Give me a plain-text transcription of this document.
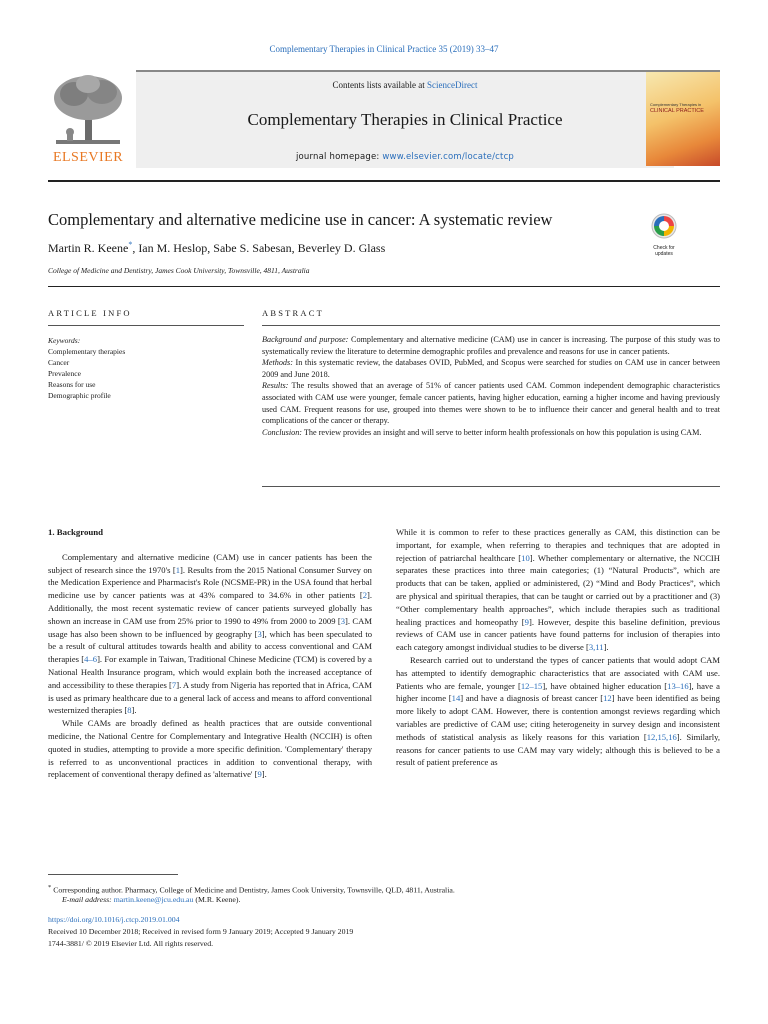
Complementary Therapies in Clinical Practice 35 (2019) 33–47
ELSEVIER
Contents lists available at ScienceDirect
Complementary Therapies in Clinical Practice
journal homepage: www.elsevier.com/locate/ctcp
Complementary Therapies in
CLINICAL PRACTICE
Complementary and alternative medicine use in cancer: A systematic review
Check for updates
Martin R. Keene*, Ian M. Heslop, Sabe S. Sabesan, Beverley D. Glass
College of Medicine and Dentistry, James Cook University, Townsville, 4811, Australia
ARTICLE INFO
Keywords:
Complementary therapies
Cancer
Prevalence
Reasons for use
Demographic profile
ABSTRACT

Background and purpose: Complementary and alternative medicine (CAM) use in cancer is increasing. The purpose of this study was to systematically review the literature to determine demographic profiles and prevalence and reasons for use in cancer patients.

Methods: In this systematic review, the databases OVID, PubMed, and Scopus were searched for studies on CAM use in cancer between 2009 and June 2018.

Results: The results showed that an average of 51% of cancer patients used CAM. Common independent demographic characteristics associated with CAM use were younger, female cancer patients, having higher education, earning a higher income and having previously used CAM. Frequent reasons for use, grouped into themes were shown to be to influence their cancer and general health and to treat complications of the cancer or therapy.

Conclusion: The review provides an insight and will serve to better inform health professionals on how this population is using CAM.

1. Background

Complementary and alternative medicine (CAM) use in cancer patients has been the subject of research since the 1970's [1]. Results from the 2015 National Consumer Survey on the Medication Experience and Pharmacist's Role (NCSME-PR) in the USA found that herbal medicine use by cancer patients was at 43% compared to 34.6% in other patients [2]. Additionally, the most recent systematic review of cancer patients surveyed globally has shown an increase in CAM use from 25% prior to 1990 to 49% from 2000 to 2009 [3]. CAM usage has also been shown to be influenced by geography [3], which has been speculated to be a result of cultural attitudes towards health and ability to access conventional and CAM therapies [4–6]. For example in Taiwan, Traditional Chinese Medicine (TCM) is covered by a National Health Insurance program, which would explain both the increased acceptance of and accessibility to these therapies [7]. A study from Nigeria has reported that in Africa, CAM is used as primary healthcare due to a general lack of access and means to afford conventional westernized therapies [8].

While CAMs are broadly defined as health practices that are outside conventional medicine, the National Centre for Complementary and Integrative Health (NCCIH) is often quoted in studies, attempting to provide a more specific definition. 'Complementary' therapy is referred to as unconventional practices in addition to conventional therapy, with replacement of conventional therapy defined as 'alternative' [9].

While it is common to refer to these practices generally as CAM, this distinction can be important, for example, when referring to therapies and techniques that are adopted in rejection of patriarchal healthcare [10]. Whether complementary or alternative, the NCCIH separates these practices into three main categories; (1) “Natural Products”, which are products that can be taken, applied or administered, (2) “Mind and Body Practices”, which are physical and spiritual therapies, that can be taught or carried out by a practitioner and (3) “Other complementary health approaches”, which include therapies such as traditional healing practices and homeopathy [9]. However, despite this baseline definition, previous reviews of CAM use in cancer patients have found patterns for inclusion of therapies into each category amongst individual studies to be diverse [3,11].

Research carried out to understand the types of cancer patients that would adopt CAM has attempted to identify demographic characteristics that are associated with CAM use. Patients who are female, younger [12–15], have obtained higher education [13–16], have a higher income [14] and have a diagnosis of breast cancer [12] have been identified as being more likely to adopt CAM. However, there is contention amongst reviews regarding which variables are predictive of CAM use; citing heterogeneity in survey design and inconsistent methods of statistical analysis as likely reasons for this variation [12,15,16]. Similarly, reasons for cancer patients to use CAM may vary widely; although this is believed to be a result of patient preference as

* Corresponding author. Pharmacy, College of Medicine and Dentistry, James Cook University, Townsville, QLD, 4811, Australia.
E-mail address: martin.keene@jcu.edu.au (M.R. Keene).
https://doi.org/10.1016/j.ctcp.2019.01.004
Received 10 December 2018; Received in revised form 9 January 2019; Accepted 9 January 2019
1744-3881/ © 2019 Elsevier Ltd. All rights reserved.
